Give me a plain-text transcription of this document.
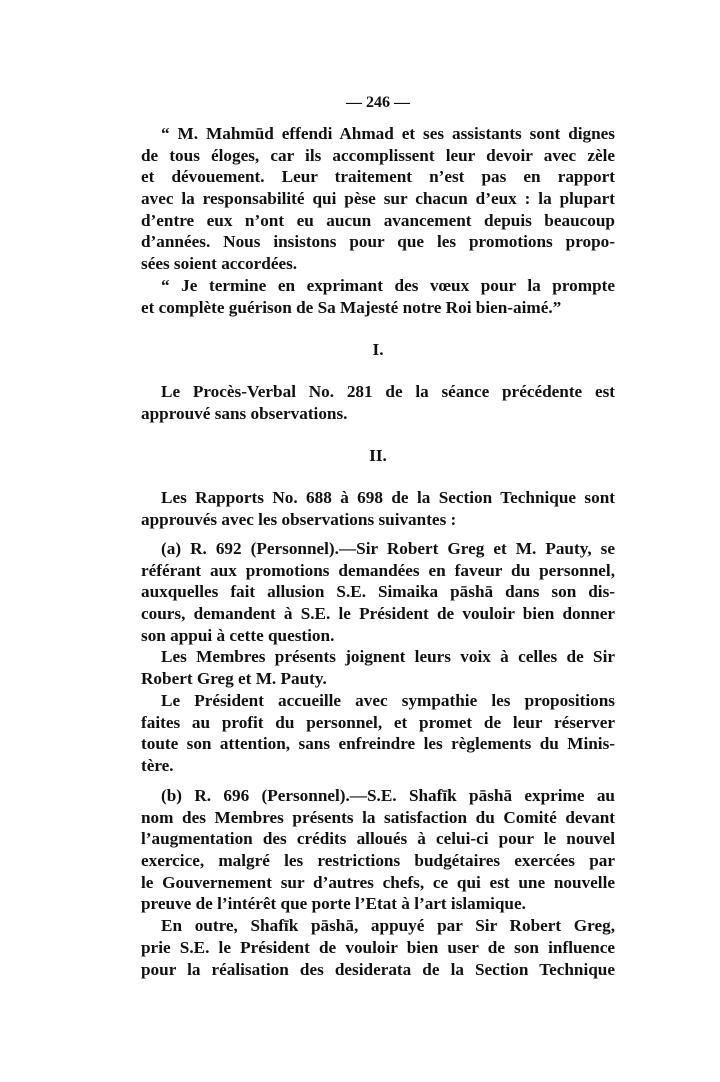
— 246 —
“ M. Mahmūd effendi Ahmad et ses assistants sont dignes
de tous éloges, car ils accomplissent leur devoir avec zèle
et dévouement. Leur traitement n’est pas en rapport
avec la responsabilité qui pèse sur chacun d’eux : la plupart
d’entre eux n’ont eu aucun avancement depuis beaucoup
d’années. Nous insistons pour que les promotions propo-
sées soient accordées.
“ Je termine en exprimant des vœux pour la prompte
et complète guérison de Sa Majesté notre Roi bien-aimé.”
I.
Le Procès-Verbal No. 281 de la séance précédente est
approuvé sans observations.
II.
Les Rapports No. 688 à 698 de la Section Technique sont
approuvés avec les observations suivantes :
(a) R. 692 (Personnel).—Sir Robert Greg et M. Pauty, se
référant aux promotions demandées en faveur du personnel,
auxquelles fait allusion S.E. Simaika pāshā dans son dis-
cours, demandent à S.E. le Président de vouloir bien donner
son appui à cette question.
Les Membres présents joignent leurs voix à celles de Sir
Robert Greg et M. Pauty.
Le Président accueille avec sympathie les propositions
faites au profit du personnel, et promet de leur réserver
toute son attention, sans enfreindre les règlements du Minis-
tère.
(b) R. 696 (Personnel).—S.E. Shafīk pāshā exprime au
nom des Membres présents la satisfaction du Comité devant
l’augmentation des crédits alloués à celui-ci pour le nouvel
exercice, malgré les restrictions budgétaires exercées par
le Gouvernement sur d’autres chefs, ce qui est une nouvelle
preuve de l’intérêt que porte l’Etat à l’art islamique.
En outre, Shafīk pāshā, appuyé par Sir Robert Greg,
prie S.E. le Président de vouloir bien user de son influence
pour la réalisation des desiderata de la Section Technique
